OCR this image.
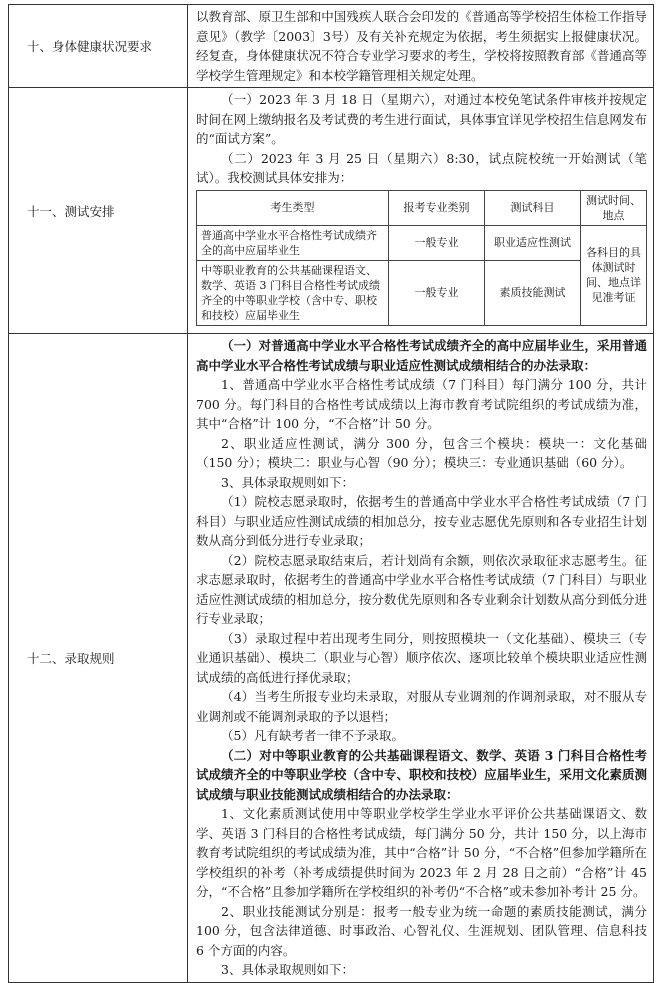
十、身体健康状况要求	

以教育部、原卫生部和中国残疾人联合会印发的《普通高等学校招生体检工作指导意见》（教学〔2003〕3号）及有关补充规定为依据，考生须据实上报健康状况。经复查，身体健康状况不符合专业学习要求的考生，学校将按照教育部《普通高等学校学生管理规定》和本校学籍管理相关规定处理。

十一、测试安排	

（一）2023 年 3 月 18 日（星期六），对通过本校免笔试条件审核并按规定时间在网上缴纳报名及考试费的考生进行面试，具体事宜详见学校招生信息网发布的“面试方案”。

（二）2023 年 3 月 25 日（星期六）8:30，试点院校统一开始测试（笔试）。我校测试具体安排为：

考生类型	报考专业类别	测试科目	测试时间、地点
普通高中学业水平合格性考试成绩齐全的高中应届毕业生	一般专业	职业适应性测试	各科目的具体测试时间、地点详见准考证
中等职业教育的公共基础课程语文、数学、英语 3 门科目合格性考试成绩齐全的中等职业学校（含中专、职校和技校）应届毕业生	一般专业	素质技能测试

十二、录取规则	

（一）对普通高中学业水平合格性考试成绩齐全的高中应届毕业生，采用普通高中学业水平合格性考试成绩与职业适应性测试成绩相结合的办法录取：

1、普通高中学业水平合格性考试成绩（7 门科目）每门满分 100 分，共计 700 分。每门科目的合格性考试成绩以上海市教育考试院组织的考试成绩为准，其中“合格”计 100 分，“不合格”计 50 分。

2、职业适应性测试，满分 300 分，包含三个模块：模块一：文化基础（150 分）；模块二：职业与心智（90 分）；模块三：专业通识基础（60 分）。

3、具体录取规则如下：

（1）院校志愿录取时，依据考生的普通高中学业水平合格性考试成绩（7 门科目）与职业适应性测试成绩的相加总分，按专业志愿优先原则和各专业招生计划数从高分到低分进行专业录取；

（2）院校志愿录取结束后，若计划尚有余额，则依次录取征求志愿考生。征求志愿录取时，依据考生的普通高中学业水平合格性考试成绩（7 门科目）与职业适应性测试成绩的相加总分，按分数优先原则和各专业剩余计划数从高分到低分进行专业录取；

（3）录取过程中若出现考生同分，则按照模块一（文化基础）、模块三（专业通识基础）、模块二（职业与心智）顺序依次、逐项比较单个模块职业适应性测试成绩的高低进行择优录取；

（4）当考生所报专业均未录取，对服从专业调剂的作调剂录取，对不服从专业调剂或不能调剂录取的予以退档；

（5）凡有缺考者一律不予录取。

（二）对中等职业教育的公共基础课程语文、数学、英语 3 门科目合格性考试成绩齐全的中等职业学校（含中专、职校和技校）应届毕业生，采用文化素质测试成绩与职业技能测试成绩相结合的办法录取：

1、文化素质测试使用中等职业学校学生学业水平评价公共基础课语文、数学、英语 3 门科目的合格性考试成绩，每门满分 50 分，共计 150 分，以上海市教育考试院组织的考试成绩为准，其中“合格”计 50 分，“不合格”但参加学籍所在学校组织的补考（补考成绩提供时间为 2023 年 2 月 28 日之前）“合格”计 45 分，“不合格”且参加学籍所在学校组织的补考仍“不合格”或未参加补考计 25 分。

2、职业技能测试分别是：报考一般专业为统一命题的素质技能测试，满分 100 分，包含法律道德、时事政治、心智礼仪、生涯规划、团队管理、信息科技 6 个方面的内容。

3、具体录取规则如下：
